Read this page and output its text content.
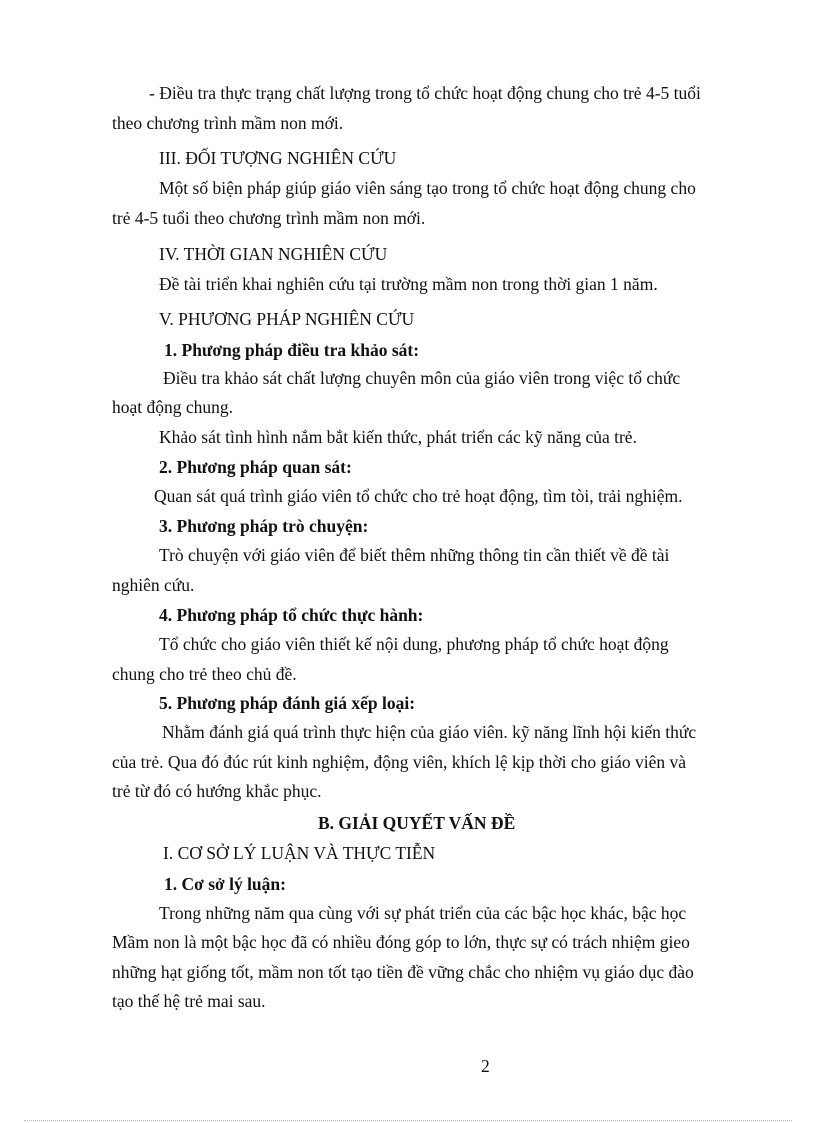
- Điều tra thực trạng chất lượng trong tổ chức hoạt động chung cho trẻ 4-5 tuổi
theo chương trình mầm non mới.
III. ĐỐI TƯỢNG NGHIÊN CỨU
Một số biện pháp giúp giáo viên sáng tạo trong tổ chức hoạt động chung cho
trẻ 4-5 tuổi theo chương trình mầm non mới.
IV. THỜI GIAN NGHIÊN CỨU
Đề tài triển khai nghiên cứu tại trường mầm non trong thời gian 1 năm.
V. PHƯƠNG PHÁP NGHIÊN CỨU
1. Phương pháp điều tra khảo sát:
Điều tra khảo sát chất lượng chuyên môn của giáo viên trong việc tổ chức
hoạt động chung.
Khảo sát tình hình nắm bắt kiến thức, phát triển các kỹ năng của trẻ.
2. Phương pháp quan sát:
Quan sát quá trình giáo viên tổ chức cho trẻ hoạt động, tìm tòi, trải nghiệm.
3. Phương pháp trò chuyện:
Trò chuyện với giáo viên để biết thêm những thông tin cần thiết về đề tài
nghiên cứu.
4. Phương pháp tổ chức thực hành:
Tổ chức cho giáo viên thiết kế nội dung, phương pháp tổ chức hoạt động
chung cho trẻ theo chủ đề.
5. Phương pháp đánh giá xếp loại:
Nhằm đánh giá quá trình thực hiện của giáo viên. kỹ năng lĩnh hội kiến thức
của trẻ. Qua đó đúc rút kinh nghiệm, động viên, khích lệ kịp thời cho giáo viên và
trẻ từ đó có hướng khắc phục.
B. GIẢI QUYẾT VẤN ĐỀ
I. CƠ SỞ LÝ LUẬN VÀ THỰC TIỄN
1. Cơ sở lý luận:
Trong những năm qua cùng với sự phát triển của các bậc học khác, bậc học
Mầm non là một bậc học đã có nhiều đóng góp to lớn, thực sự có trách nhiệm gieo
những hạt giống tốt, mầm non tốt tạo tiền đề vững chắc cho nhiệm vụ giáo dục đào
tạo thế hệ trẻ mai sau.
2
